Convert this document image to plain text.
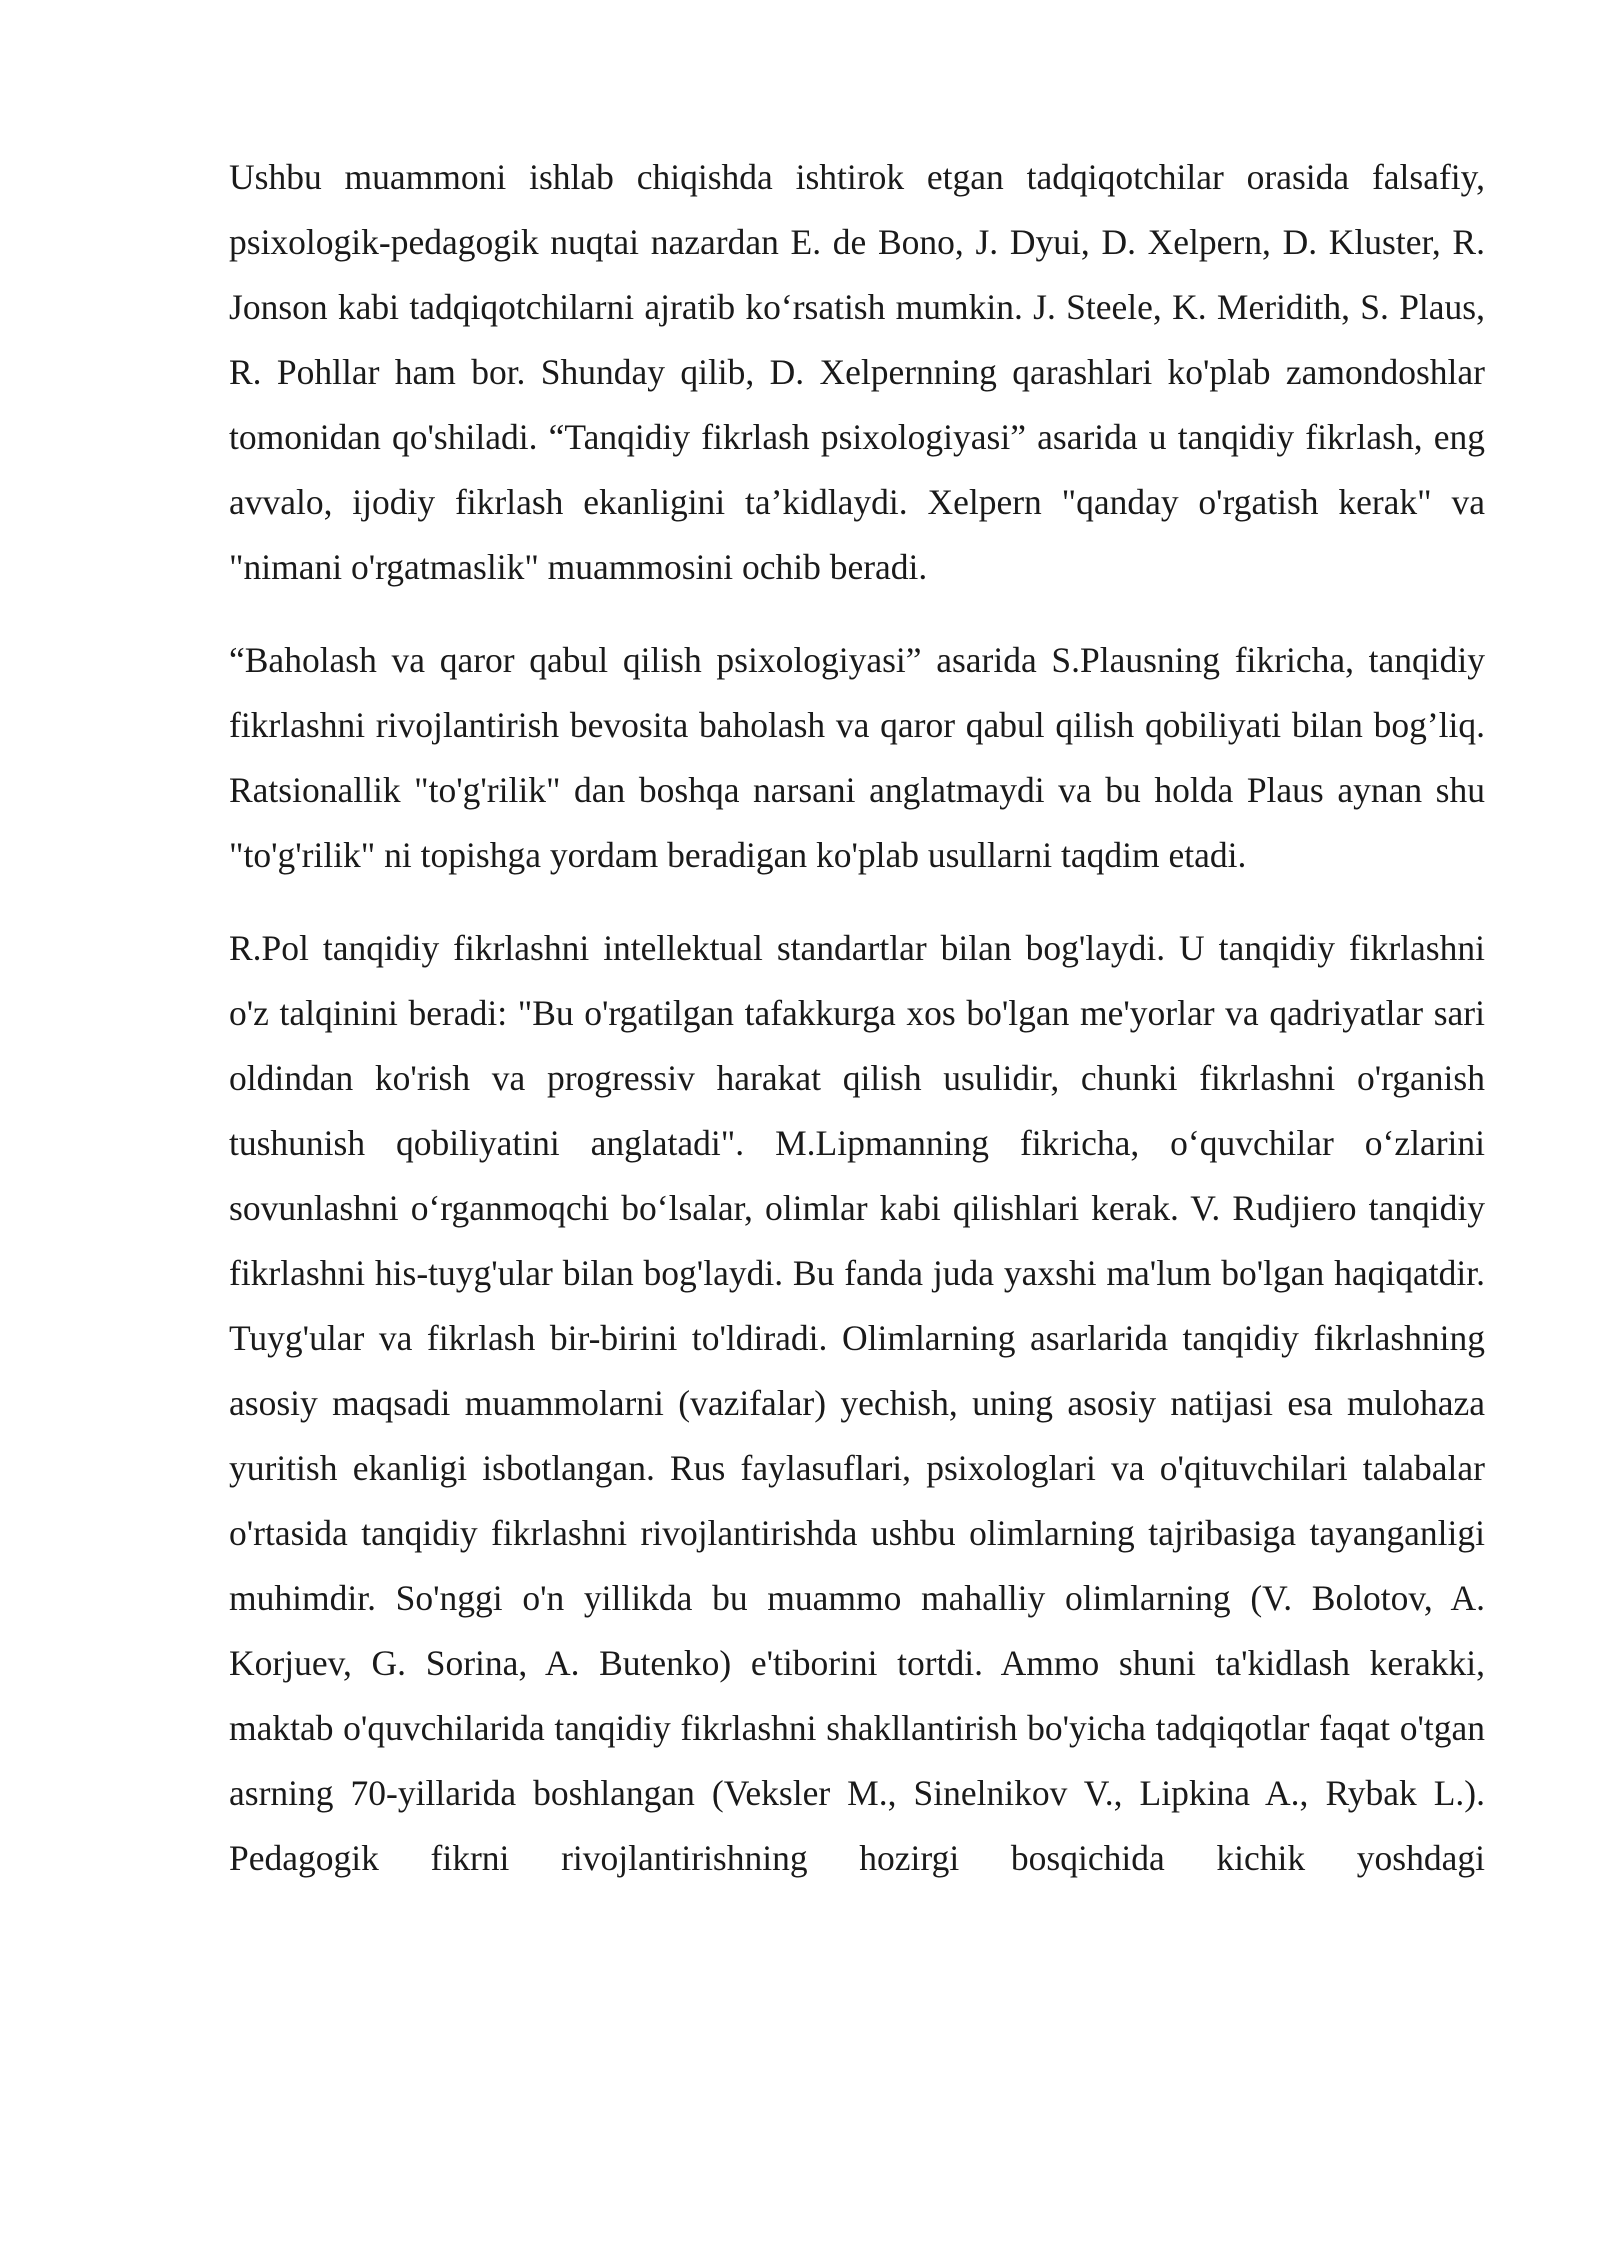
Ushbu muammoni ishlab chiqishda ishtirok etgan tadqiqotchilar orasida falsafiy, psixologik-pedagogik nuqtai nazardan E. de Bono, J. Dyui, D. Xelpern, D. Kluster, R. Jonson kabi tadqiqotchilarni ajratib ko‘rsatish mumkin. J. Steele, K. Meridith, S. Plaus, R. Pohllar ham bor. Shunday qilib, D. Xelpernning qarashlari ko'plab zamondoshlar tomonidan qo'shiladi. “Tanqidiy fikrlash psixologiyasi” asarida u tanqidiy fikrlash, eng avvalo, ijodiy fikrlash ekanligini ta’kidlaydi. Xelpern "qanday o'rgatish kerak" va "nimani o'rgatmaslik" muammosini ochib beradi.

“Baholash va qaror qabul qilish psixologiyasi” asarida S.Plausning fikricha, tanqidiy fikrlashni rivojlantirish bevosita baholash va qaror qabul qilish qobiliyati bilan bog’liq. Ratsionallik "to'g'rilik" dan boshqa narsani anglatmaydi va bu holda Plaus aynan shu "to'g'rilik" ni topishga yordam beradigan ko'plab usullarni taqdim etadi.

R.Pol tanqidiy fikrlashni intellektual standartlar bilan bog'laydi. U tanqidiy fikrlashni o'z talqinini beradi: "Bu o'rgatilgan tafakkurga xos bo'lgan me'yorlar va qadriyatlar sari oldindan ko'rish va progressiv harakat qilish usulidir, chunki fikrlashni o'rganish tushunish qobiliyatini anglatadi". M.Lipmanning fikricha, o‘quvchilar o‘zlarini sovunlashni o‘rganmoqchi bo‘lsalar, olimlar kabi qilishlari kerak. V. Rudjiero tanqidiy fikrlashni his-tuyg'ular bilan bog'laydi. Bu fanda juda yaxshi ma'lum bo'lgan haqiqatdir. Tuyg'ular va fikrlash bir-birini to'ldiradi. Olimlarning asarlarida tanqidiy fikrlashning asosiy maqsadi muammolarni (vazifalar) yechish, uning asosiy natijasi esa mulohaza yuritish ekanligi isbotlangan. Rus faylasuflari, psixologlari va o'qituvchilari talabalar o'rtasida tanqidiy fikrlashni rivojlantirishda ushbu olimlarning tajribasiga tayanganligi muhimdir. So'nggi o'n yillikda bu muammo mahalliy olimlarning (V. Bolotov, A. Korjuev, G. Sorina, A. Butenko) e'tiborini tortdi. Ammo shuni ta'kidlash kerakki, maktab o'quvchilarida tanqidiy fikrlashni shakllantirish bo'yicha tadqiqotlar faqat o'tgan asrning 70-yillarida boshlangan (Veksler M., Sinelnikov V., Lipkina A., Rybak L.). Pedagogik fikrni rivojlantirishning hozirgi bosqichida kichik yoshdagi
